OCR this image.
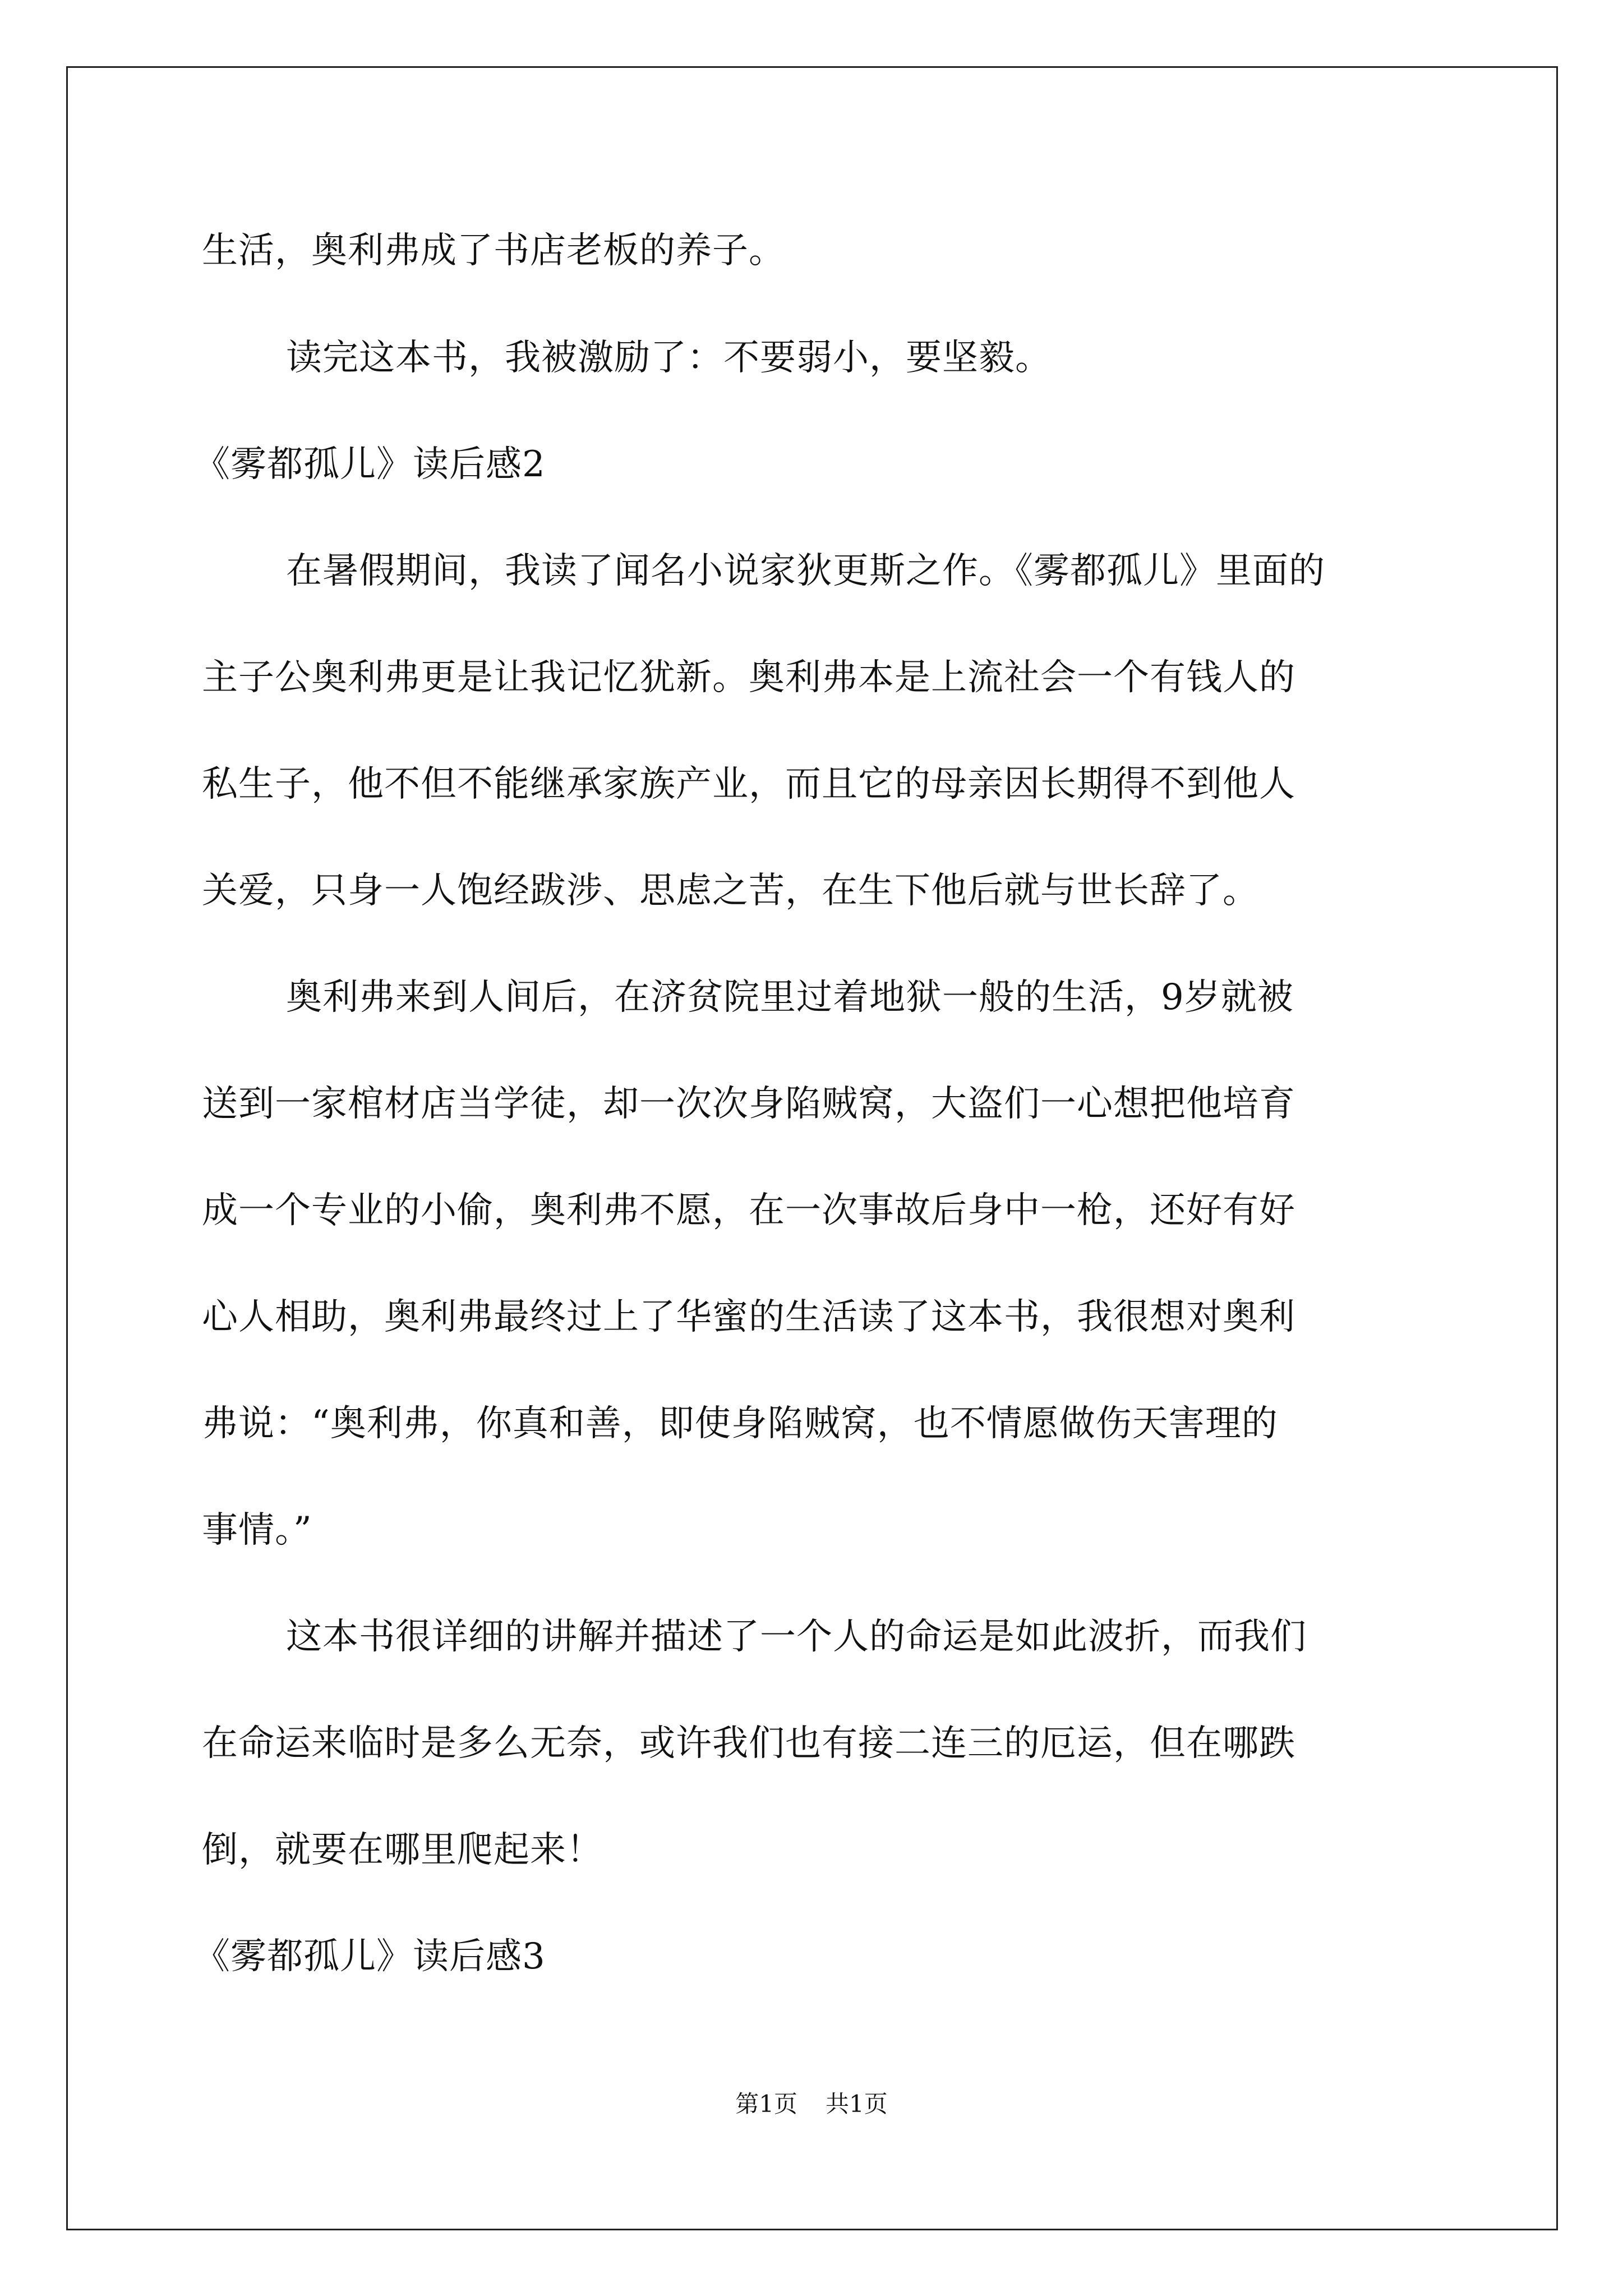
生活，奥利弗成了书店老板的养子。
读完这本书，我被激励了：不要弱小，要坚毅。
《雾都孤儿》读后感2
在暑假期间，我读了闻名小说家狄更斯之作。《雾都孤儿》里面的
主子公奥利弗更是让我记忆犹新。奥利弗本是上流社会一个有钱人的
私生子，他不但不能继承家族产业，而且它的母亲因长期得不到他人
关爱，只身一人饱经跋涉、思虑之苦，在生下他后就与世长辞了。
奥利弗来到人间后，在济贫院里过着地狱一般的生活，9岁就被
送到一家棺材店当学徒，却一次次身陷贼窝，大盗们一心想把他培育
成一个专业的小偷，奥利弗不愿，在一次事故后身中一枪，还好有好
心人相助，奥利弗最终过上了华蜜的生活读了这本书，我很想对奥利
弗说：“奥利弗，你真和善，即使身陷贼窝，也不情愿做伤天害理的
事情。”
这本书很详细的讲解并描述了一个人的命运是如此波折，而我们
在命运来临时是多么无奈，或许我们也有接二连三的厄运，但在哪跌
倒，就要在哪里爬起来！
《雾都孤儿》读后感3
第1页 共1页
